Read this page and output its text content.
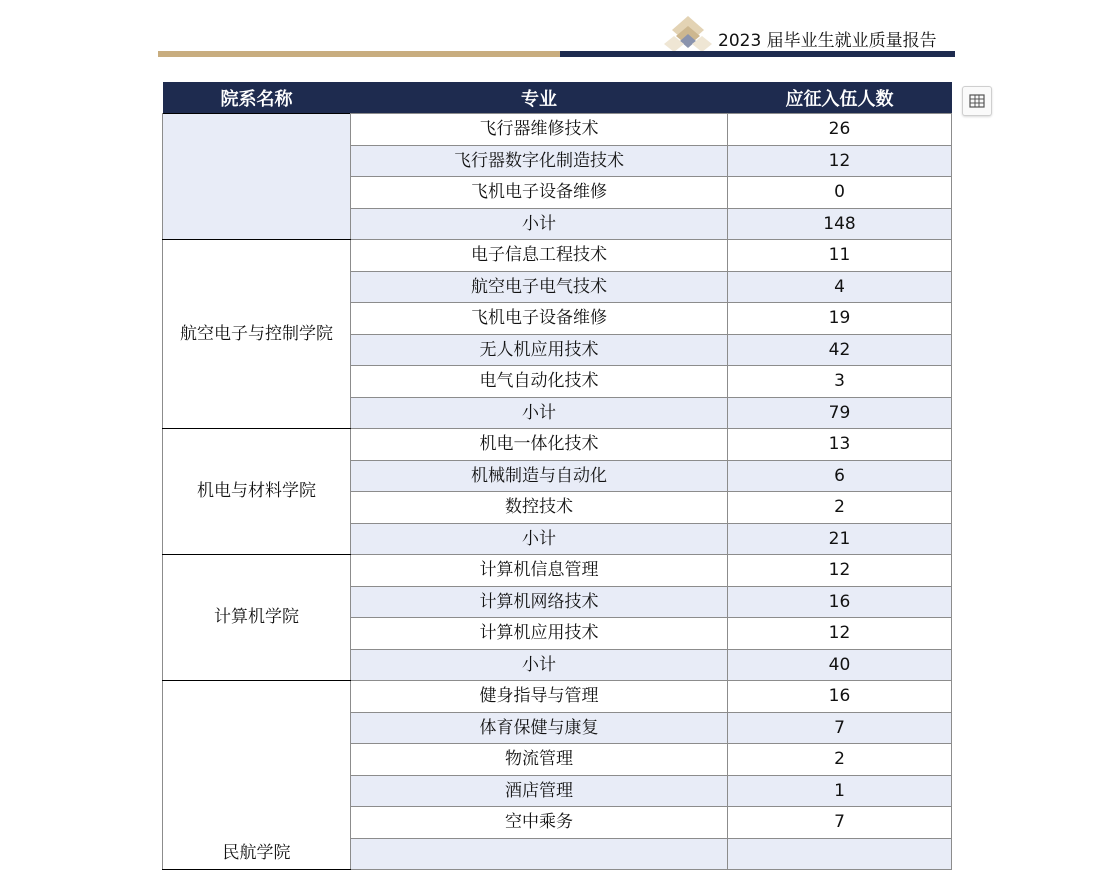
2023 届毕业生就业质量报告
院系名称	专业	应征入伍人数
	飞行器维修技术	26
	飞行器数字化制造技术	12
	飞机电子设备维修	0
	小计	148
航空电子与控制学院	电子信息工程技术	11
	航空电子电气技术	4
	飞机电子设备维修	19
	无人机应用技术	42
	电气自动化技术	3
	小计	79
机电与材料学院	机电一体化技术	13
	机械制造与自动化	6
	数控技术	2
	小计	21
计算机学院	计算机信息管理	12
	计算机网络技术	16
	计算机应用技术	12
	小计	40
民航学院	健身指导与管理	16
	体育保健与康复	7
	物流管理	2
	酒店管理	1
	空中乘务	7
